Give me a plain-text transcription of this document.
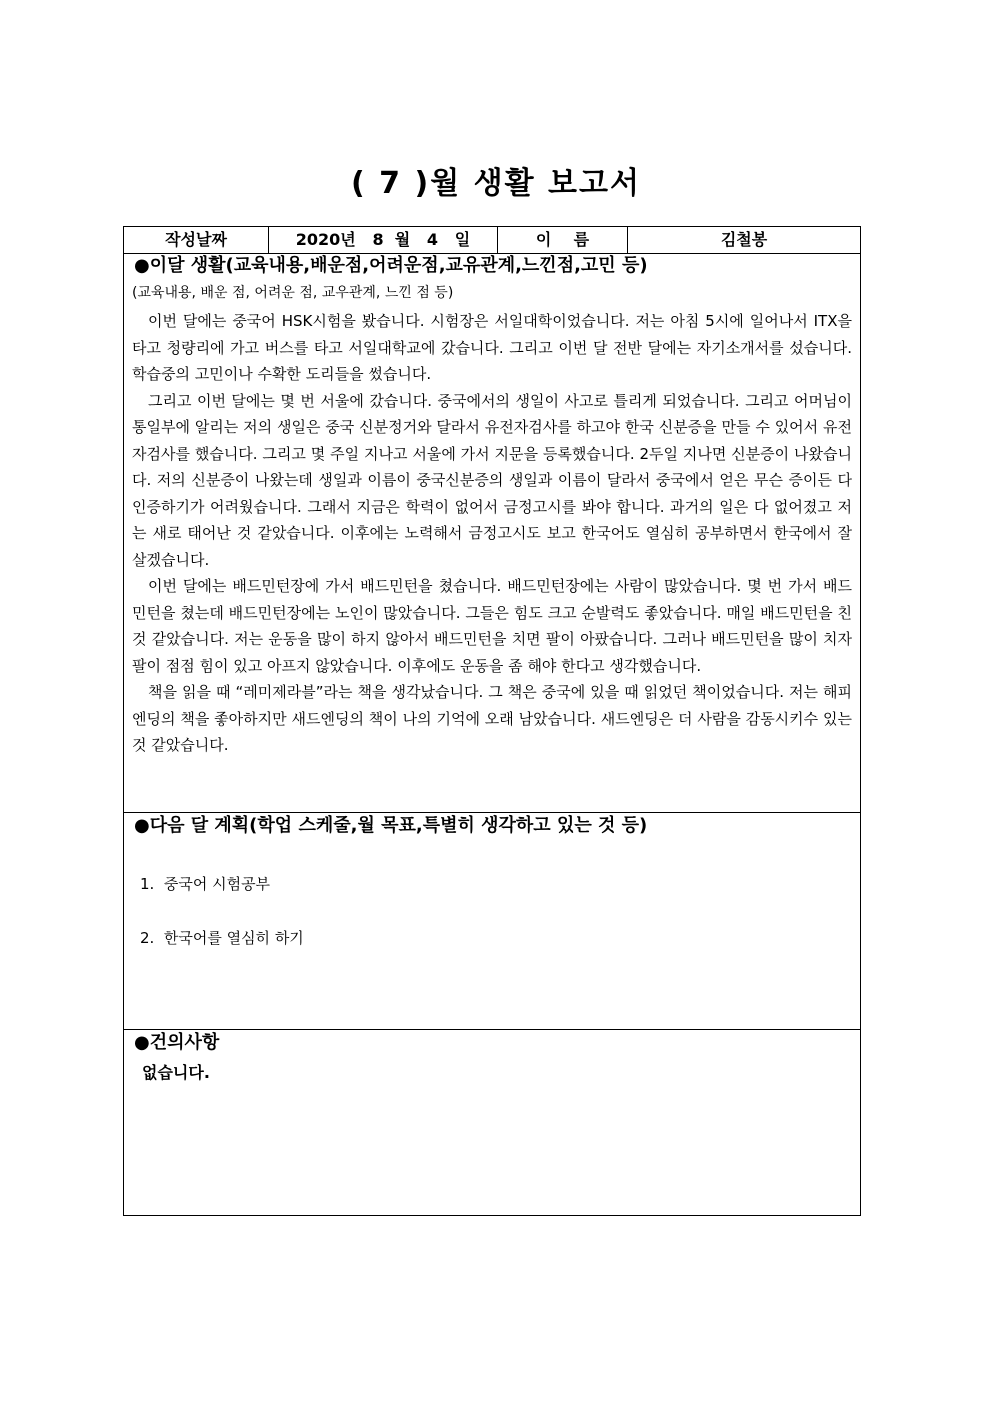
( 7 )월 생활 보고서
작성날짜	2020년   8  월   4   일	이    름	김철봉
●이달 생활(교육내용,배운점,어려운점,교유관계,느낀점,고민 등)
(교육내용, 배운 점, 어려운 점, 교우관계, 느낀 점 등)

이번 달에는 중국어 HSK시험을 봤습니다. 시험장은 서일대학이었습니다. 저는 아침 5시에 일어나서 ITX을 타고 청량리에 가고 버스를 타고 서일대학교에 갔습니다. 그리고 이번 달 전반 달에는 자기소개서를 섰습니다. 학습중의 고민이나 수확한 도리들을 썼습니다.

그리고 이번 달에는 몇 번 서울에 갔습니다. 중국에서의 생일이 사고로 틀리게 되었습니다. 그리고 어머님이 통일부에 알리는 저의 생일은 중국 신분정거와 달라서 유전자검사를 하고야 한국 신분증을 만들 수 있어서 유전자검사를 했습니다. 그리고 몇 주일 지나고 서울에 가서 지문을 등록했습니다. 2두일 지나면 신분증이 나왔습니다. 저의 신분증이 나왔는데 생일과 이름이 중국신분증의 생일과 이름이 달라서 중국에서 얻은 무슨 증이든 다 인증하기가 어려웠습니다. 그래서 지금은 학력이 없어서 금정고시를 봐야 합니다. 과거의 일은 다 없어졌고 저는 새로 태어난 것 같았습니다. 이후에는 노력해서 금정고시도 보고 한국어도 열심히 공부하면서 한국에서 잘 살겠습니다.

이번 달에는 배드민턴장에 가서 배드민턴을 쳤습니다. 배드민턴장에는 사람이 많았습니다. 몇 번 가서 배드민턴을 쳤는데 배드민턴장에는 노인이 많았습니다. 그들은 힘도 크고 순발력도 좋았습니다. 매일 배드민턴을 친 것 같았습니다. 저는 운동을 많이 하지 않아서 배드민턴을 치면 팔이 아팠습니다. 그러나 배드민턴을 많이 치자 팔이 점점 힘이 있고 아프지 않았습니다. 이후에도 운동을 좀 해야 한다고 생각했습니다.

책을 읽을 때 “레미제라블”라는 책을 생각났습니다. 그 책은 중국에 있을 때 읽었던 책이었습니다. 저는 해피엔딩의 책을 좋아하지만 새드엔딩의 책이 나의 기억에 오래 남았습니다. 새드엔딩은 더 사람을 감동시키수 있는 것 같았습니다.

●다음 달 계획(학업 스케줄,월 목표,특별히 생각하고 있는 것 등)
1.  중국어 시험공부
2.  한국어를 열심히 하기
●건의사항
없습니다.
